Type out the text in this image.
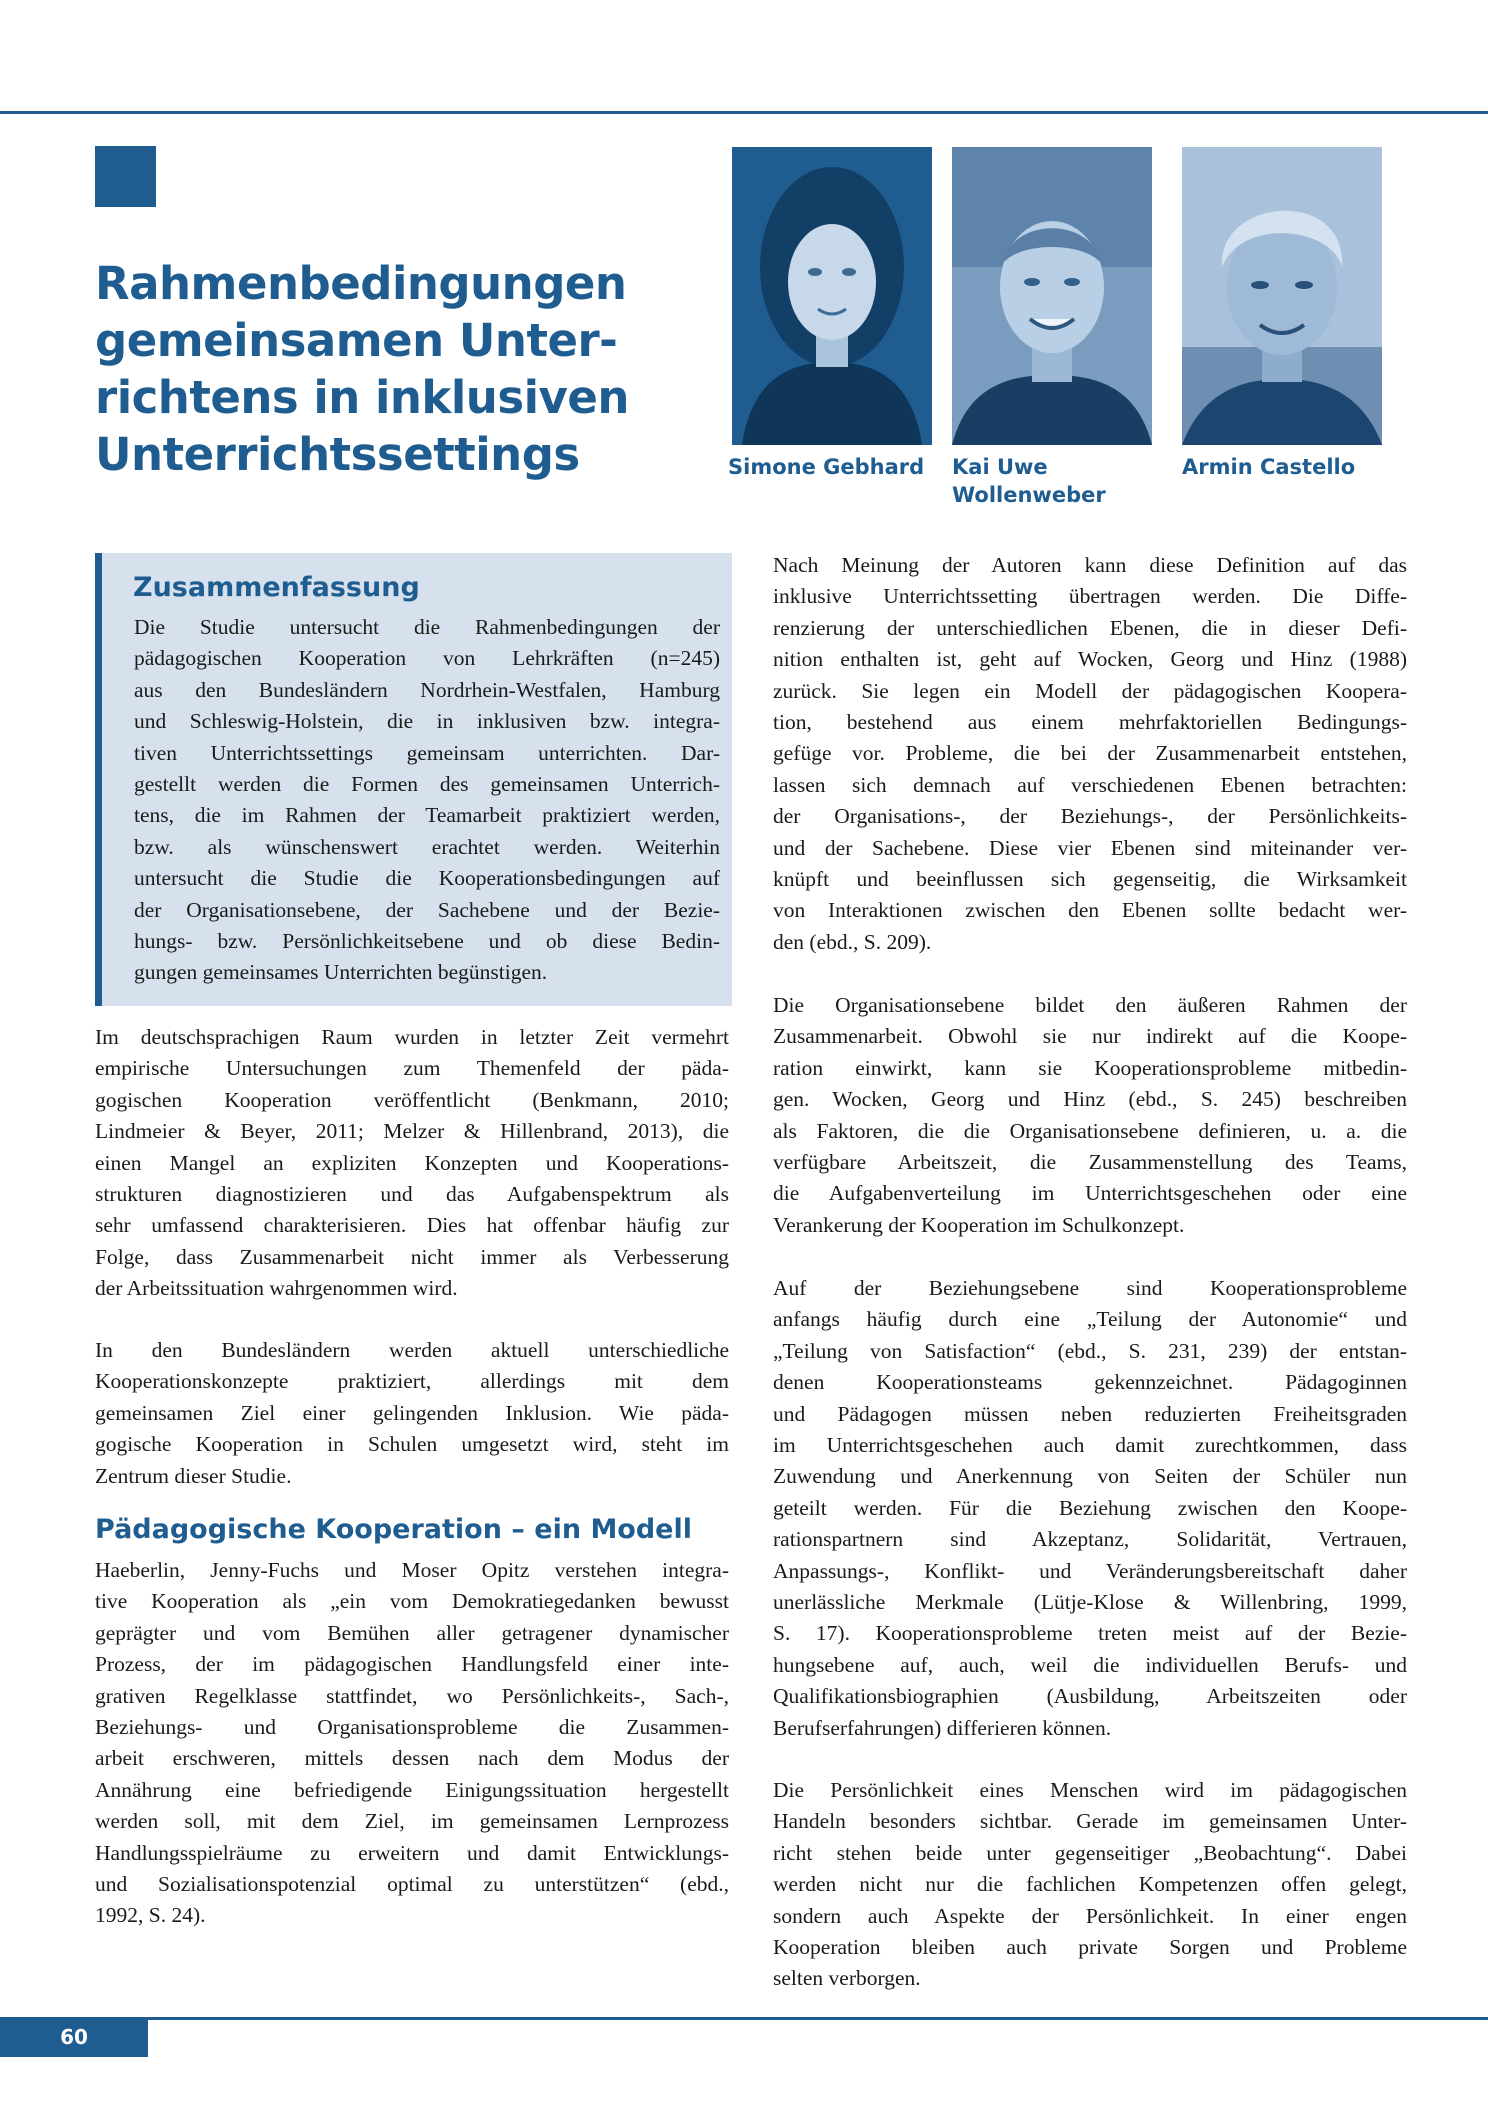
Rahmenbedingungen
gemeinsamen Unter-
richtens in inklusiven
Unterrichtssettings	Simone Gebhard	Kai Uwe
Wollenweber
Armin Castello
Zusammenfassung
Die Studie untersucht die Rahmenbedingungen der
pädagogischen Kooperation von Lehrkräften (n=245)
aus den Bundesländern Nordrhein-Westfalen, Hamburg
und Schleswig-Holstein, die in inklusiven bzw. integra-
tiven Unterrichtssettings gemeinsam unterrichten. Dar-
gestellt werden die Formen des gemeinsamen Unterrich-
tens, die im Rahmen der Teamarbeit praktiziert werden,
bzw. als wünschenswert erachtet werden. Weiterhin
untersucht die Studie die Kooperationsbedingungen auf
der Organisationsebene, der Sachebene und der Bezie-
hungs- bzw. Persönlichkeitsebene und ob diese Bedin-
gungen gemeinsames Unterrichten begünstigen.
Im deutschsprachigen Raum wurden in letzter Zeit vermehrt
empirische Untersuchungen zum Themenfeld der päda-
gogischen Kooperation veröffentlicht (Benkmann, 2010;
Lindmeier & Beyer, 2011; Melzer & Hillenbrand, 2013), die
einen Mangel an expliziten Konzepten und Kooperations-
strukturen diagnostizieren und das Aufgabenspektrum als
sehr umfassend charakterisieren. Dies hat offenbar häufig zur
Folge, dass Zusammenarbeit nicht immer als Verbesserung
der Arbeitssituation wahrgenommen wird.
In den Bundesländern werden aktuell unterschiedliche
Kooperationskonzepte praktiziert, allerdings mit dem
gemeinsamen Ziel einer gelingenden Inklusion. Wie päda-
gogische Kooperation in Schulen umgesetzt wird, steht im
Zentrum dieser Studie.
Pädagogische Kooperation – ein Modell
Haeberlin, Jenny-Fuchs und Moser Opitz verstehen integra-
tive Kooperation als „ein vom Demokratiegedanken bewusst
geprägter und vom Bemühen aller getragener dynamischer
Prozess, der im pädagogischen Handlungsfeld einer inte-
grativen Regelklasse stattfindet, wo Persönlichkeits-, Sach-,
Beziehungs- und Organisationsprobleme die Zusammen-
arbeit erschweren, mittels dessen nach dem Modus der
Annährung eine befriedigende Einigungssituation hergestellt
werden soll, mit dem Ziel, im gemeinsamen Lernprozess
Handlungsspielräume zu erweitern und damit Entwicklungs-
und Sozialisationspotenzial optimal zu unterstützen“ (ebd.,
1992, S. 24).
Nach Meinung der Autoren kann diese Definition auf das
inklusive Unterrichtssetting übertragen werden. Die Diffe-
renzierung der unterschiedlichen Ebenen, die in dieser Defi-
nition enthalten ist, geht auf Wocken, Georg und Hinz (1988)
zurück. Sie legen ein Modell der pädagogischen Koopera-
tion, bestehend aus einem mehrfaktoriellen Bedingungs-
gefüge vor. Probleme, die bei der Zusammenarbeit entstehen,
lassen sich demnach auf verschiedenen Ebenen betrachten:
der Organisations-, der Beziehungs-, der Persönlichkeits-
und der Sachebene. Diese vier Ebenen sind miteinander ver-
knüpft und beeinflussen sich gegenseitig, die Wirksamkeit
von Interaktionen zwischen den Ebenen sollte bedacht wer-
den (ebd., S. 209).
Die Organisationsebene bildet den äußeren Rahmen der
Zusammenarbeit. Obwohl sie nur indirekt auf die Koope-
ration einwirkt, kann sie Kooperationsprobleme mitbedin-
gen. Wocken, Georg und Hinz (ebd., S. 245) beschreiben
als Faktoren, die die Organisationsebene definieren, u. a. die
verfügbare Arbeitszeit, die Zusammenstellung des Teams,
die Aufgabenverteilung im Unterrichtsgeschehen oder eine
Verankerung der Kooperation im Schulkonzept.
Auf der Beziehungsebene sind Kooperationsprobleme
anfangs häufig durch eine „Teilung der Autonomie“ und
„Teilung von Satisfaction“ (ebd., S. 231, 239) der entstan-
denen Kooperationsteams gekennzeichnet. Pädagoginnen
und Pädagogen müssen neben reduzierten Freiheitsgraden
im Unterrichtsgeschehen auch damit zurechtkommen, dass
Zuwendung und Anerkennung von Seiten der Schüler nun
geteilt werden. Für die Beziehung zwischen den Koope-
rationspartnern sind Akzeptanz, Solidarität, Vertrauen,
Anpassungs-, Konflikt- und Veränderungsbereitschaft daher
unerlässliche Merkmale (Lütje-Klose & Willenbring, 1999,
S. 17). Kooperationsprobleme treten meist auf der Bezie-
hungsebene auf, auch, weil die individuellen Berufs- und
Qualifikationsbiographien (Ausbildung, Arbeitszeiten oder
Berufserfahrungen) differieren können.
Die Persönlichkeit eines Menschen wird im pädagogischen
Handeln besonders sichtbar. Gerade im gemeinsamen Unter-
richt stehen beide unter gegenseitiger „Beobachtung“. Dabei
werden nicht nur die fachlichen Kompetenzen offen gelegt,
sondern auch Aspekte der Persönlichkeit. In einer engen
Kooperation bleiben auch private Sorgen und Probleme
selten verborgen.
60
